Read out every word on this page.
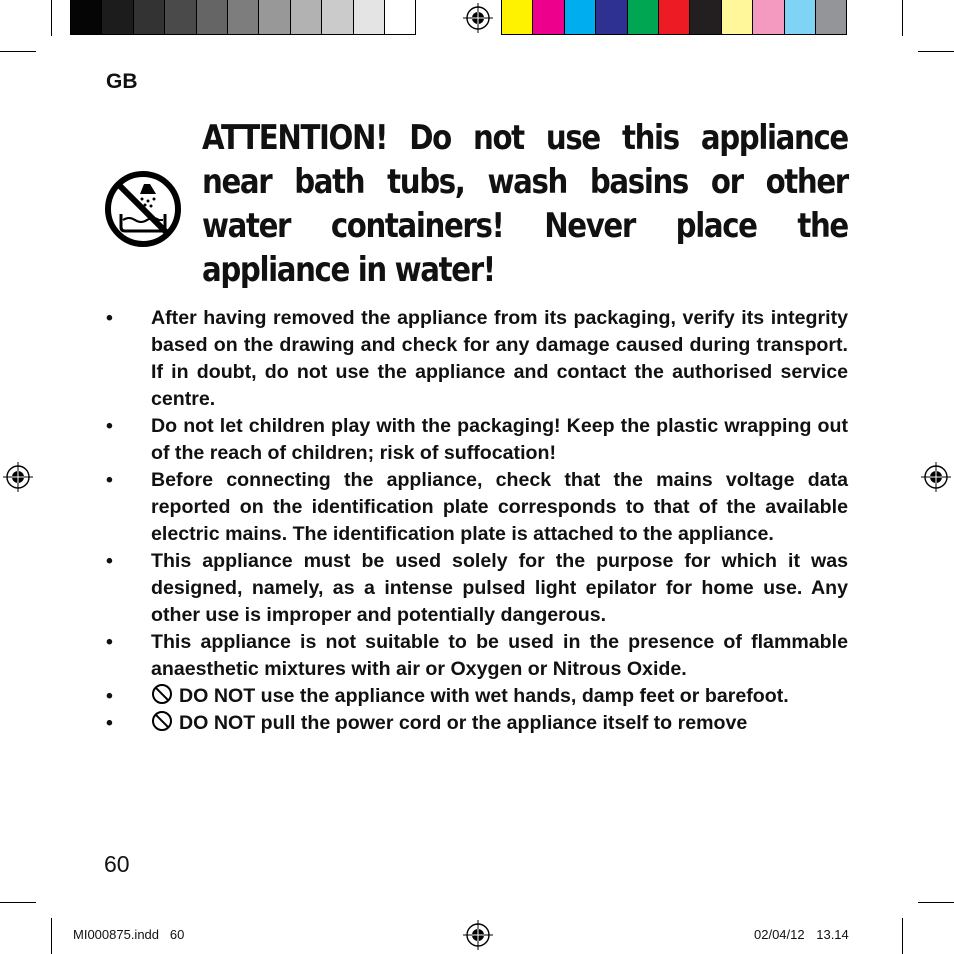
GB
ATTENTION! Do not use this appliance near bath tubs, wash basins or other water containers! Never place the appliance in water!
• After having removed the appliance from its packaging, verify its integrity based on the drawing and check for any damage caused during transport. If in doubt, do not use the appliance and contact the authorised service centre.
• Do not let children play with the packaging! Keep the plastic wrapping out of the reach of children; risk of suffocation!
• Before connecting the appliance, check that the mains voltage data reported on the identification plate corresponds to that of the available electric mains. The identification plate is attached to the appliance.
• This appliance must be used solely for the purpose for which it was designed, namely, as a intense pulsed light epilator for home use. Any other use is improper and potentially dangerous.
• This appliance is not suitable to be used in the presence of flammable anaesthetic mixtures with air or Oxygen or Nitrous Oxide.
•	DO NOT use the appliance with wet hands, damp feet or barefoot.
•	DO NOT pull the power cord or the appliance itself to remove
60
MI000875.indd   60	02/04/12 13.14
